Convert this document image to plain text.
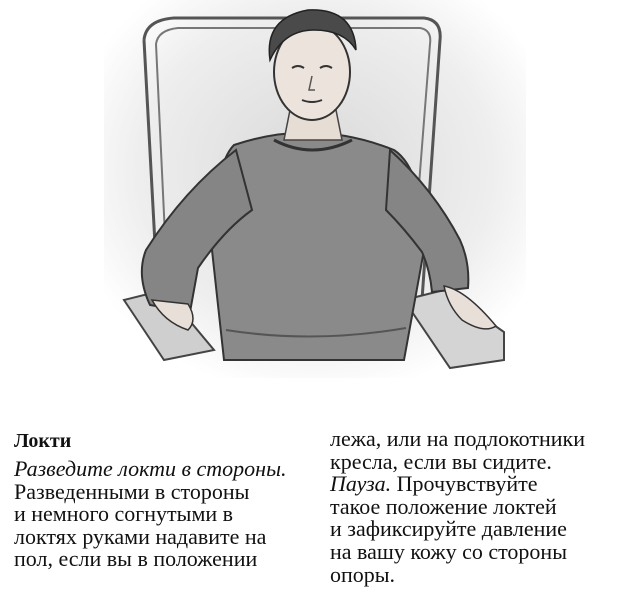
Локти
Разведите локти в стороны.
Разведенными в стороны
и немного согнутыми в
локтях руками надавите на
пол, если вы в положении
лежа, или на подлокотники
кресла, если вы сидите.
Пауза. Прочувствуйте
такое положение локтей
и зафиксируйте давление
на вашу кожу со стороны
опоры.
